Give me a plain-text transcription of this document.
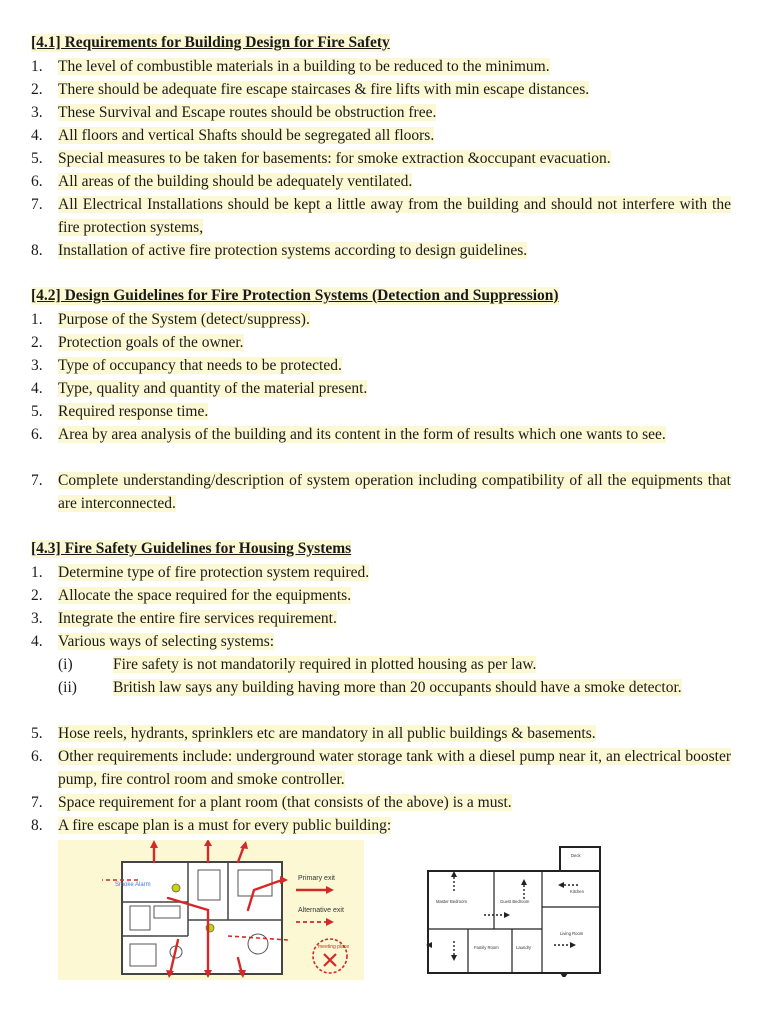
[4.1] Requirements for Building Design for Fire Safety
1. The level of combustible materials in a building to be reduced to the minimum.
2. There should be adequate fire escape staircases & fire lifts with min escape distances.
3. These Survival and Escape routes should be obstruction free.
4. All floors and vertical Shafts should be segregated all floors.
5. Special measures to be taken for basements: for smoke extraction &occupant evacuation.
6. All areas of the building should be adequately ventilated.
7. All Electrical Installations should be kept a little away from the building and should not interfere with the fire protection systems,
8. Installation of active fire protection systems according to design guidelines.
[4.2] Design Guidelines for Fire Protection Systems (Detection and Suppression)
1. Purpose of the System (detect/suppress).
2. Protection goals of the owner.
3. Type of occupancy that needs to be protected.
4. Type, quality and quantity of the material present.
5. Required response time.
6. Area by area analysis of the building and its content in the form of results which one wants to see.
7. Complete understanding/description of system operation including compatibility of all the equipments that are interconnected.
[4.3] Fire Safety Guidelines for Housing Systems
1. Determine type of fire protection system required.
2. Allocate the space required for the equipments.
3. Integrate the entire fire services requirement.
4. Various ways of selecting systems:
(i)	Fire safety is not mandatorily required in plotted housing as per law.
(ii)	British law says any building having more than 20 occupants should have a smoke detector.
5. Hose reels, hydrants, sprinklers etc are mandatory in all public buildings & basements.
6. Other requirements include: underground water storage tank with a diesel pump near it, an electrical booster pump, fire control room and smoke controller.
7. Space requirement for a plant room (that consists of the above) is a must.
8. A fire escape plan is a must for every public building:
Smoke Alarm
Primary exit
Alternative exit
meeting place
Deck
Kitchen
Master Bedroom	Guest Bedroom
Laundry
Family Room
Living Room
